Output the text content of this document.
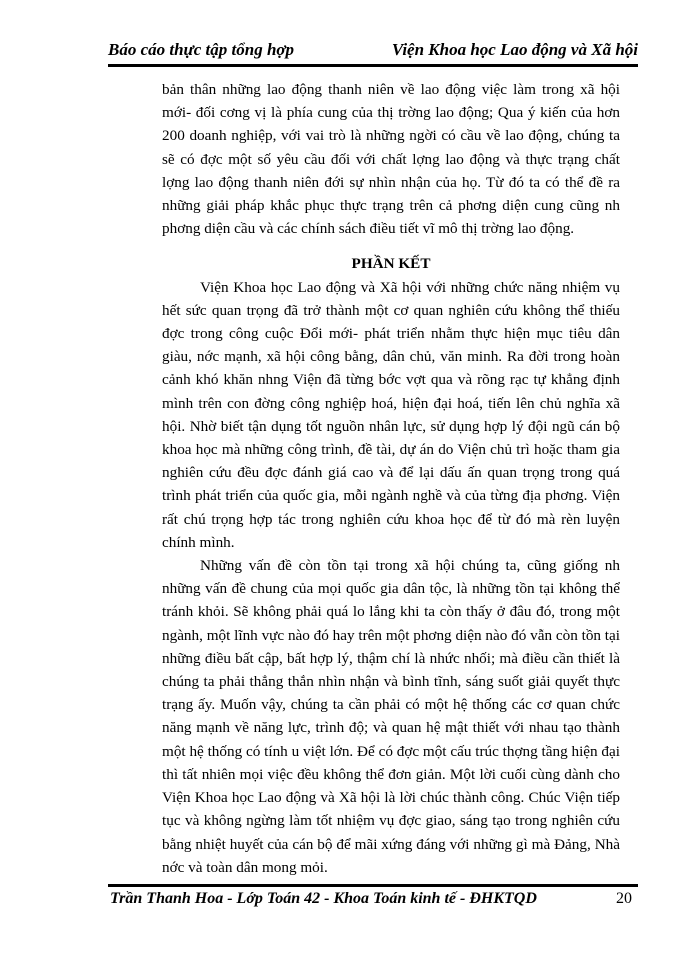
Báo cáo thực tập tổng hợp	Viện Khoa học Lao động và Xã hội

bản thân những lao động thanh niên về lao động việc làm trong xã hội mới- đối cơng vị là phía cung của thị trờng lao động; Qua ý kiến của hơn 200 doanh nghiệp, với vai trò là những ngời có cầu về lao động, chúng ta sẽ có đợc một số yêu cầu đối với chất lợng lao động và thực trạng chất lợng lao động thanh niên đới sự nhìn nhận của họ. Từ đó ta có thể đề ra những giải pháp khắc phục thực trạng trên cả phơng diện cung cũng nh phơng diện cầu và các chính sách điều tiết vĩ mô thị trờng lao động.

PHẦN KẾT

Viện Khoa học Lao động và Xã hội với những chức năng nhiệm vụ hết sức quan trọng đã trở thành một cơ quan nghiên cứu không thể thiếu đợc trong công cuộc Đổi mới- phát triển nhằm thực hiện mục tiêu dân giàu, nớc mạnh, xã hội công bằng, dân chủ, văn minh. Ra đời trong hoàn cảnh khó khăn nhng Viện đã từng bớc vợt qua và rõng rạc tự khẳng định mình trên con đờng công nghiệp hoá, hiện đại hoá, tiến lên chủ nghĩa xã hội. Nhờ biết tận dụng tốt nguồn nhân lực, sử dụng hợp lý đội ngũ cán bộ khoa học mà những công trình, đề tài, dự án do Viện chủ trì hoặc tham gia nghiên cứu đều đợc đánh giá cao và để lại dấu ấn quan trọng trong quá trình phát triển của quốc gia, mỗi ngành nghề và của từng địa phơng. Viện rất chú trọng hợp tác trong nghiên cứu khoa học để từ đó mà rèn luyện chính mình.

Những vấn đề còn tồn tại trong xã hội chúng ta, cũng giống nh những vấn đề chung của mọi quốc gia dân tộc, là những tồn tại không thể tránh khỏi. Sẽ không phải quá lo lắng khi ta còn thấy ở đâu đó, trong một ngành, một lĩnh vực nào đó hay trên một phơng diện nào đó vẫn còn tồn tại những điều bất cập, bất hợp lý, thậm chí là nhức nhối; mà điều cần thiết là chúng ta phải thẳng thắn nhìn nhận và bình tĩnh, sáng suốt giải quyết thực trạng ấy. Muốn vậy, chúng ta cần phải có một hệ thống các cơ quan chức năng mạnh về năng lực, trình độ; và quan hệ mật thiết với nhau tạo thành một hệ thống có tính u việt lớn. Để có đợc một cấu trúc thợng tầng hiện đại thì tất nhiên mọi việc đều không thể đơn giản. Một lời cuối cùng dành cho Viện Khoa học Lao động và Xã hội là lời chúc thành công. Chúc Viện tiếp tục và không ngừng làm tốt nhiệm vụ đợc giao, sáng tạo trong nghiên cứu bằng nhiệt huyết của cán bộ để mãi xứng đáng với những gì mà Đảng, Nhà nớc và toàn dân mong mỏi.

Trần Thanh Hoa - Lớp Toán 42 - Khoa Toán kinh tế - ĐHKTQD	20
